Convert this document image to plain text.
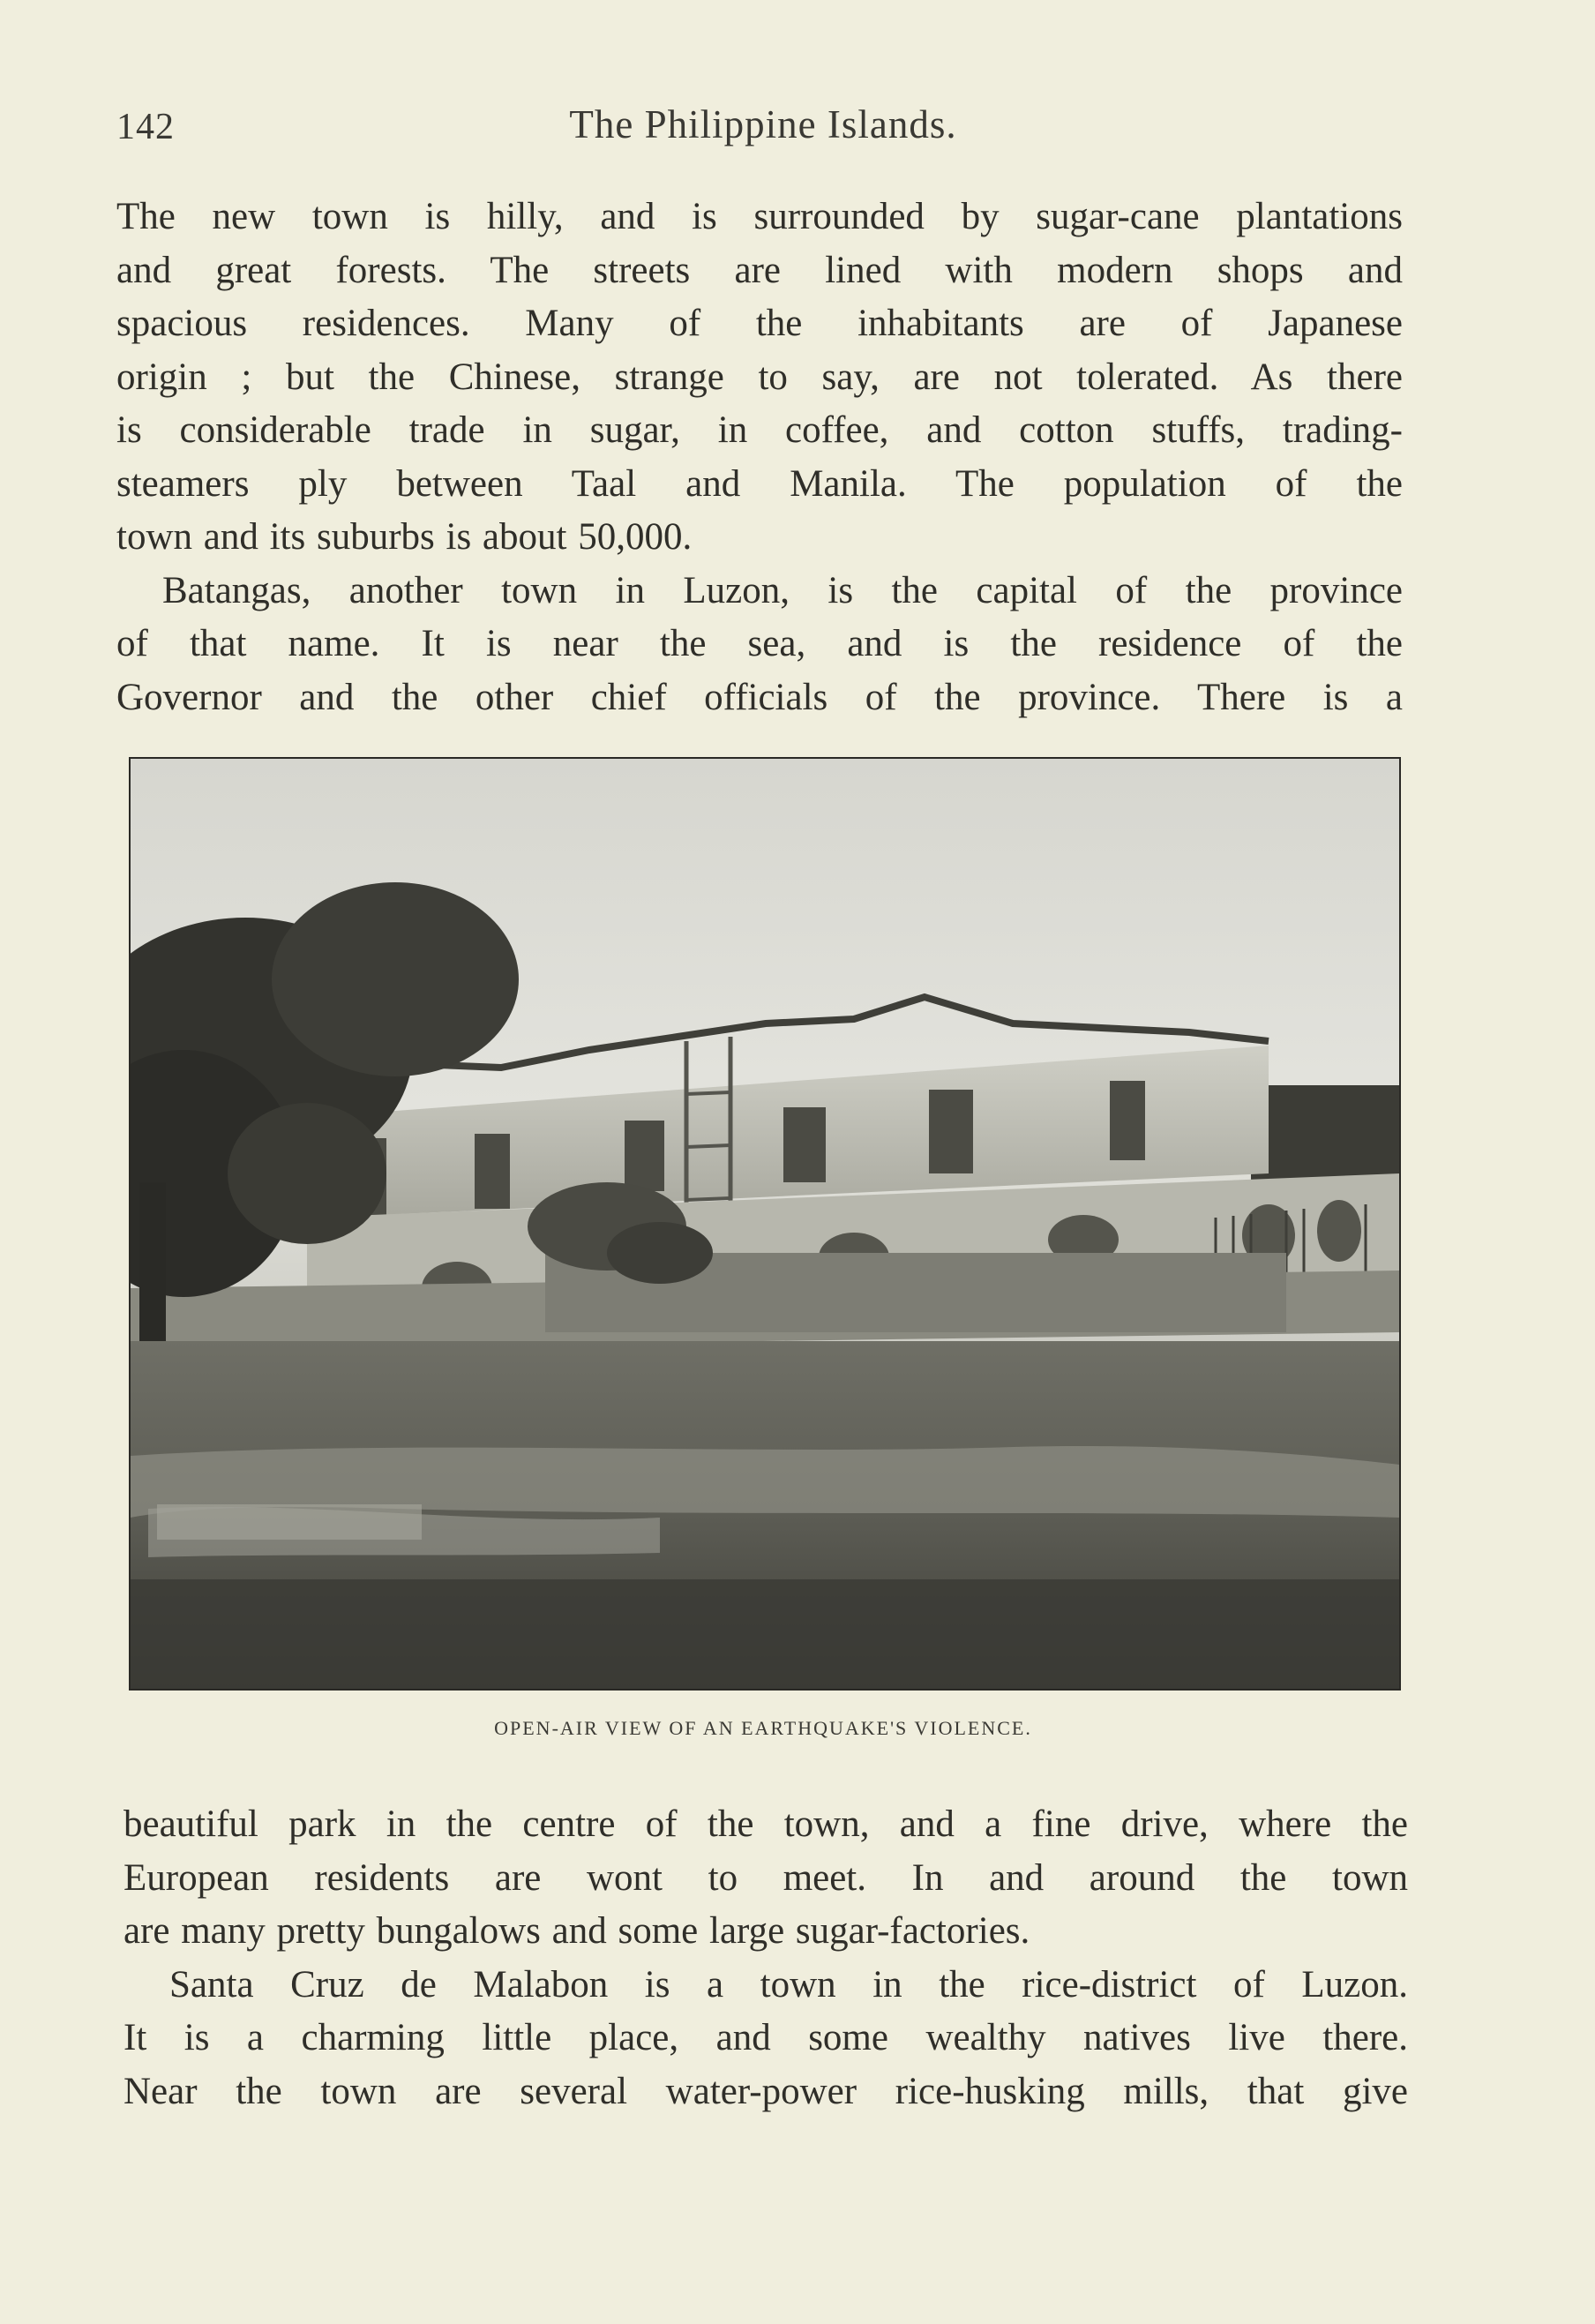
142	The Philippine Islands.

The new town is hilly, and is surrounded by sugar-cane plantations
and great forests. The streets are lined with modern shops and
spacious residences. Many of the inhabitants are of Japanese
origin ; but the Chinese, strange to say, are not tolerated. As there
is considerable trade in sugar, in coffee, and cotton stuffs, trading-
steamers ply between Taal and Manila. The population of the
town and its suburbs is about 50,000.

Batangas, another town in Luzon, is the capital of the province
of that name. It is near the sea, and is the residence of the
Governor and the other chief officials of the province. There is a

OPEN-AIR VIEW OF AN EARTHQUAKE'S VIOLENCE.

beautiful park in the centre of the town, and a fine drive, where the
European residents are wont to meet. In and around the town
are many pretty bungalows and some large sugar-factories.

Santa Cruz de Malabon is a town in the rice-district of Luzon.
It is a charming little place, and some wealthy natives live there.
Near the town are several water-power rice-husking mills, that give
